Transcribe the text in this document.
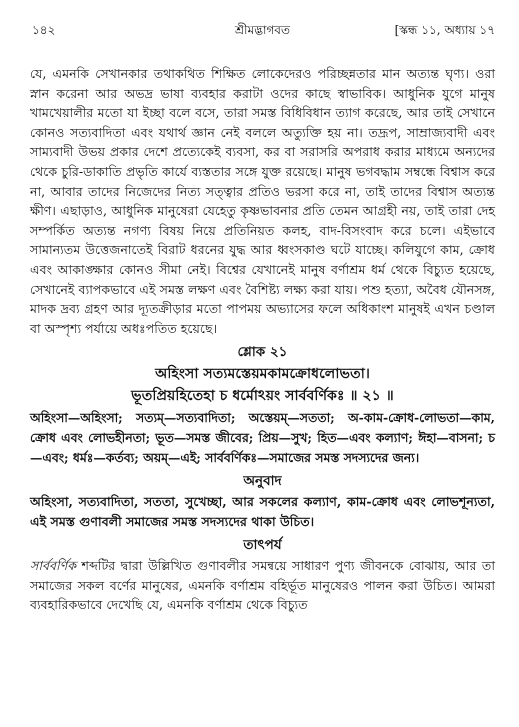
১৪২	শ্রীমদ্ভাগবত	[স্কন্ধ ১১, অধ্যায় ১৭
যে, এমনকি সেখানকার তথাকথিত শিক্ষিত লোকেদেরও পরিচ্ছন্নতার মান অত্যন্ত ঘৃণ্য। ওরা স্নান করেনা আর অভদ্র ভাষা ব্যবহার করাটা ওদের কাছে স্বাভাবিক। আধুনিক যুগে মানুষ খামখেয়ালীর মতো যা ইচ্ছা বলে বসে, তারা সমস্ত বিধিবিধান ত্যাগ করেছে, আর তাই সেখানে কোনও সত্যবাদিতা এবং যথার্থ জ্ঞান নেই বললে অত্যুক্তি হয় না। তদ্রূপ, সাম্রাজ্যবাদী এবং সাম্যবাদী উভয় প্রকার দেশে প্রত্যেকেই ব্যবসা, কর বা সরাসরি অপরাধ করার মাধ্যমে অন্যদের থেকে চুরি-ডাকাতি প্রভৃতি কার্যে ব্যস্ততার সঙ্গে যুক্ত রয়েছে। মানুষ ভগবদ্ধাম সম্বন্ধে বিশ্বাস করে না, আবার তাদের নিজেদের নিত্য সত্ত্বার প্রতিও ভরসা করে না, তাই তাদের বিশ্বাস অত্যন্ত ক্ষীণ। এছাড়াও, আধুনিক মানুষেরা যেহেতু কৃষ্ণভাবনার প্রতি তেমন আগ্রহী নয়, তাই তারা দেহ সম্পর্কিত অত্যন্ত নগণ্য বিষয় নিয়ে প্রতিনিয়ত কলহ, বাদ-বিসংবাদ করে চলে। এইভাবে সামান্যতম উত্তেজনাতেই বিরাট ধরনের যুদ্ধ আর ধ্বংসকাণ্ড ঘটে যাচ্ছে। কলিযুগে কাম, ক্রোধ এবং আকাঙ্ক্ষার কোনও সীমা নেই। বিশ্বের যেখানেই মানুষ বর্ণাশ্রম ধর্ম থেকে বিচ্যুত হয়েছে, সেখানেই ব্যাপকভাবে এই সমস্ত লক্ষণ এবং বৈশিষ্ট্য লক্ষ্য করা যায়। পশু হত্যা, অবৈধ যৌনসঙ্গ, মাদক দ্রব্য গ্রহণ আর দ্যূতক্রীড়ার মতো পাপময় অভ্যাসের ফলে অধিকাংশ মানুষই এখন চণ্ডাল বা অস্পৃশ্য পর্যায়ে অধঃপতিত হয়েছে।
শ্লোক ২১
অহিংসা সত্যমস্তেয়মকামক্রোধলোভতা।
ভূতপ্রিয়হিতেহা চ ধর্মোঽয়ং সার্ববর্ণিকঃ ॥ ২১ ॥
অহিংসা—অহিংসা; সত্যম্—সত্যবাদিতা; অস্তেয়ম্—সততা; অ-কাম-ক্রোধ-লোভতা—কাম, ক্রোধ এবং লোভহীনতা; ভূত—সমস্ত জীবের; প্রিয়—সুখ; হিত—এবং কল্যাণ; ঈহা—বাসনা; চ—এবং; ধর্মঃ—কর্তব্য; অয়ম্—এই; সার্ববর্ণিকঃ—সমাজের সমস্ত সদস্যদের জন্য।
অনুবাদ
অহিংসা, সত্যবাদিতা, সততা, সুখেচ্ছা, আর সকলের কল্যাণ, কাম-ক্রোধ এবং লোভশূন্যতা, এই সমস্ত গুণাবলী সমাজের সমস্ত সদস্যদের থাকা উচিত।
তাৎপর্য
সার্ববর্ণিক শব্দটির দ্বারা উল্লিখিত গুণাবলীর সমন্বয়ে সাধারণ পুণ্য জীবনকে বোঝায়, আর তা সমাজের সকল বর্ণের মানুষের, এমনকি বর্ণাশ্রম বহির্ভূত মানুষেরও পালন করা উচিত। আমরা ব্যবহারিকভাবে দেখেছি যে, এমনকি বর্ণাশ্রম থেকে বিচ্যুত
